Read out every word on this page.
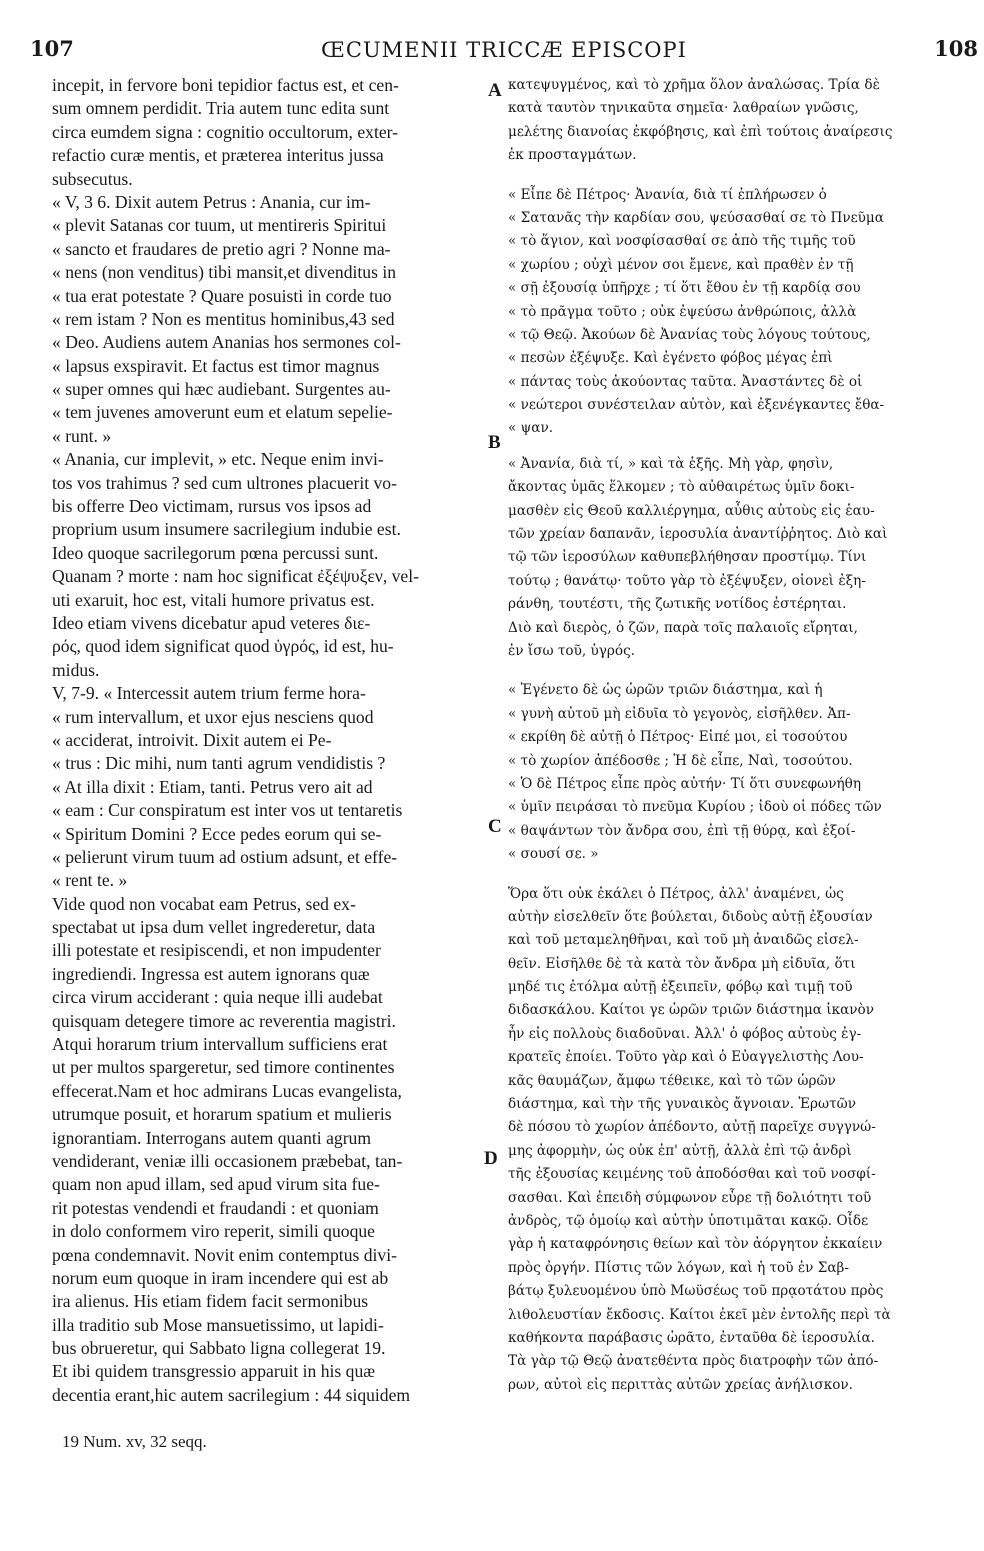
107	ŒCUMENII TRICCÆ EPISCOPI	108
incepit, in fervore boni tepidior factus est, et cen-
sum omnem perdidit. Tria autem tunc edita sunt
circa eumdem signa : cognitio occultorum, exter-
refactio curæ mentis, et præterea interitus jussa
subsecutus.
« V, 3 6. Dixit autem Petrus : Anania, cur im-
« plevit Satanas cor tuum, ut mentireris Spiritui
« sancto et fraudares de pretio agri ? Nonne ma-
« nens (non venditus) tibi mansit,et divenditus in
« tua erat potestate ? Quare posuisti in corde tuo
« rem istam ? Non es mentitus hominibus,43 sed
« Deo. Audiens autem Ananias hos sermones col-
« lapsus exspiravit. Et factus est timor magnus
« super omnes qui hæc audiebant. Surgentes au-
« tem juvenes amoverunt eum et elatum sepelie-
« runt. »
« Anania, cur implevit, » etc. Neque enim invi-
tos vos trahimus ? sed cum ultrones placuerit vo-
bis offerre Deo victimam, rursus vos ipsos ad
proprium usum insumere sacrilegium indubie est.
Ideo quoque sacrilegorum pœna percussi sunt.
Quanam ? morte : nam hoc significat ἐξέψυξεν, vel-
uti exaruit, hoc est, vitali humore privatus est.
Ideo etiam vivens dicebatur apud veteres διε-
ρός, quod idem significat quod ὑγρός, id est, hu-
midus.
V, 7-9. « Intercessit autem trium ferme hora-
« rum intervallum, et uxor ejus nesciens quod
« acciderat, introivit. Dixit autem ei Pe-
« trus : Dic mihi, num tanti agrum vendidistis ?
« At illa dixit : Etiam, tanti. Petrus vero ait ad
« eam : Cur conspiratum est inter vos ut tentaretis
« Spiritum Domini ? Ecce pedes eorum qui se-
« pelierunt virum tuum ad ostium adsunt, et effe-
« rent te. »
Vide quod non vocabat eam Petrus, sed ex-
spectabat ut ipsa dum vellet ingrederetur, data
illi potestate et resipiscendi, et non impudenter
ingrediendi. Ingressa est autem ignorans quæ
circa virum acciderant : quia neque illi audebat
quisquam detegere timore ac reverentia magistri.
Atqui horarum trium intervallum sufficiens erat
ut per multos spargeretur, sed timore continentes
effecerat.Nam et hoc admirans Lucas evangelista,
utrumque posuit, et horarum spatium et mulieris
ignorantiam. Interrogans autem quanti agrum
vendiderant, veniæ illi occasionem præbebat, tan-
quam non apud illam, sed apud virum sita fue-
rit potestas vendendi et fraudandi : et quoniam
in dolo conformem viro reperit, simili quoque
pœna condemnavit. Novit enim contemptus divi-
norum eum quoque in iram incendere qui est ab
ira alienus. His etiam fidem facit sermonibus
illa traditio sub Mose mansuetissimo, ut lapidi-
bus obrueretur, qui Sabbato ligna collegerat 19.
Et ibi quidem transgressio apparuit in his quæ
decentia erant,hic autem sacrilegium : 44 siquidem
κατεψυγμένος, καὶ τὸ χρῆμα ὅλον ἀναλώσας. Τρία δὲ
κατὰ ταυτὸν τηνικαῦτα σημεῖα· λαθραίων γνῶσις,
μελέτης διανοίας ἐκφόβησις, καὶ ἐπὶ τούτοις ἀναίρεσις
ἐκ προσταγμάτων.
« Εἶπε δὲ Πέτρος· Ἀνανία, διὰ τί ἐπλήρωσεν ὁ
« Σατανᾶς τὴν καρδίαν σου, ψεύσασθαί σε τὸ Πνεῦμα
« τὸ ἅγιον, καὶ νοσφίσασθαί σε ἀπὸ τῆς τιμῆς τοῦ
« χωρίου ; οὐχὶ μένον σοι ἔμενε, καὶ πραθὲν ἐν τῇ
« σῇ ἐξουσίᾳ ὑπῆρχε ; τί ὅτι ἔθου ἐν τῇ καρδίᾳ σου
« τὸ πρᾶγμα τοῦτο ; οὐκ ἐψεύσω ἀνθρώποις, ἀλλὰ
« τῷ Θεῷ. Ἀκούων δὲ Ἀνανίας τοὺς λόγους τούτους,
« πεσὼν ἐξέψυξε. Καὶ ἐγένετο φόβος μέγας ἐπὶ
« πάντας τοὺς ἀκούοντας ταῦτα. Ἀναστάντες δὲ οἱ
« νεώτεροι συνέστειλαν αὐτὸν, καὶ ἐξενέγκαντες ἔθα-
« ψαν.
« Ἀνανία, διὰ τί, » καὶ τὰ ἑξῆς. Μὴ γὰρ, φησὶν,
ἄκοντας ὑμᾶς ἕλκομεν ; τὸ αὐθαιρέτως ὑμῖν δοκι-
μασθὲν εἰς Θεοῦ καλλιέργημα, αὖθις αὐτοὺς εἰς ἑαυ-
τῶν χρείαν δαπανᾶν, ἱεροσυλία ἀναντίῤῥητος. Διὸ καὶ
τῷ τῶν ἱεροσύλων καθυπεβλήθησαν προστίμῳ. Τίνι
τούτῳ ; θανάτῳ· τοῦτο γὰρ τὸ ἐξέψυξεν, οἱονεὶ ἐξη-
ράνθη, τουτέστι, τῆς ζωτικῆς νοτίδος ἐστέρηται.
Διὸ καὶ διερὸς, ὁ ζῶν, παρὰ τοῖς παλαιοῖς εἴρηται,
ἐν ἴσω τοῦ, ὑγρός.
« Ἐγένετο δὲ ὡς ὡρῶν τριῶν διάστημα, καὶ ἡ
« γυνὴ αὐτοῦ μὴ εἰδυῖα τὸ γεγονὸς, εἰσῆλθεν. Ἀπ-
« εκρίθη δὲ αὐτῇ ὁ Πέτρος· Εἰπέ μοι, εἰ τοσούτου
« τὸ χωρίον ἀπέδοσθε ; Ἡ δὲ εἶπε, Ναὶ, τοσούτου.
« Ὁ δὲ Πέτρος εἶπε πρὸς αὐτήν· Τί ὅτι συνεφωνήθη
« ὑμῖν πειράσαι τὸ πνεῦμα Κυρίου ; ἰδοὺ οἱ πόδες τῶν
« θαψάντων τὸν ἄνδρα σου, ἐπὶ τῇ θύρᾳ, καὶ ἐξοί-
« σουσί σε. »
Ὅρα ὅτι οὐκ ἐκάλει ὁ Πέτρος, ἀλλ' ἀναμένει, ὡς
αὐτὴν εἰσελθεῖν ὅτε βούλεται, διδοὺς αὐτῇ ἐξουσίαν
καὶ τοῦ μεταμεληθῆναι, καὶ τοῦ μὴ ἀναιδῶς εἰσελ-
θεῖν. Εἰσῆλθε δὲ τὰ κατὰ τὸν ἄνδρα μὴ εἰδυῖα, ὅτι
μηδέ τις ἐτόλμα αὐτῇ ἐξειπεῖν, φόβῳ καὶ τιμῇ τοῦ
διδασκάλου. Καίτοι γε ὡρῶν τριῶν διάστημα ἱκανὸν
ἦν εἰς πολλοὺς διαδοῦναι. Ἀλλ' ὁ φόβος αὐτοὺς ἐγ-
κρατεῖς ἐποίει. Τοῦτο γὰρ καὶ ὁ Εὐαγγελιστὴς Λου-
κᾶς θαυμάζων, ἄμφω τέθεικε, καὶ τὸ τῶν ὡρῶν
διάστημα, καὶ τὴν τῆς γυναικὸς ἄγνοιαν. Ἐρωτῶν
δὲ πόσου τὸ χωρίον ἀπέδοντο, αὐτῇ παρεῖχε συγγνώ-
μης ἀφορμὴν, ὡς οὐκ ἐπ' αὐτῇ, ἀλλὰ ἐπὶ τῷ ἀνδρὶ
τῆς ἐξουσίας κειμένης τοῦ ἀποδόσθαι καὶ τοῦ νοσφί-
σασθαι. Καὶ ἐπειδὴ σύμφωνον εὗρε τῇ δολιότητι τοῦ
ἀνδρὸς, τῷ ὁμοίῳ καὶ αὐτὴν ὑποτιμᾶται κακῷ. Οἶδε
γὰρ ἡ καταφρόνησις θείων καὶ τὸν ἀόργητον ἐκκαίειν
πρὸς ὀργήν. Πίστις τῶν λόγων, καὶ ἡ τοῦ ἐν Σαβ-
βάτῳ ξυλευομένου ὑπὸ Μωϋσέως τοῦ πρᾳοτάτου πρὸς
λιθολευστίαν ἔκδοσις. Καίτοι ἐκεῖ μὲν ἐντολῆς περὶ τὰ
καθήκοντα παράβασις ὡρᾶτο, ἐνταῦθα δὲ ἱεροσυλία.
Τὰ γὰρ τῷ Θεῷ ἀνατεθέντα πρὸς διατροφὴν τῶν ἀπό-
ρων, αὐτοὶ εἰς περιττὰς αὐτῶν χρείας ἀνήλισκον.
A
B
C
D
19 Num. xv, 32 seqq.
